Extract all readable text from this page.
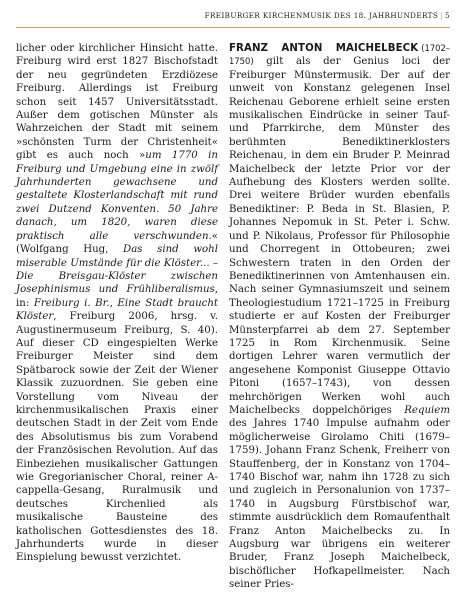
FREIBURGER KIRCHENMUSIK DES 18. JAHRHUNDERTS | 5

licher oder kirchlicher Hinsicht hatte. Freiburg wird erst 1827 Bischofstadt der neu gegründeten Erzdiözese Freiburg. Allerdings ist Freiburg schon seit 1457 Universitätsstadt. Außer dem gotischen Münster als Wahrzeichen der Stadt mit seinem »schönsten Turm der Christenheit« gibt es auch noch »um 1770 in Freiburg und Umgebung eine in zwölf Jahrhunderten gewachsene und gestaltete Klosterlandschaft mit rund zwei Dutzend Konventen. 50 Jahre danach, um 1820, waren diese praktisch alle verschwunden.« (Wolfgang Hug, Das sind wohl miserable Umstände für die Klöster... – Die Breisgau-Klöster zwischen Josephinismus und Frühliberalismus, in: Freiburg i. Br., Eine Stadt braucht Klöster, Freiburg 2006, hrsg. v. Augustinermuseum Freiburg, S. 40). Auf dieser CD eingespielten Werke Freiburger Meister sind dem Spätbarock sowie der Zeit der Wiener Klassik zuzuordnen. Sie geben eine Vorstellung vom Niveau der kirchenmusikalischen Praxis einer deutschen Stadt in der Zeit vom Ende des Absolutismus bis zum Vorabend der Französischen Revolution. Auf das Einbeziehen musikalischer Gattungen wie Gregorianischer Choral, reiner A-cappella-Gesang, Ruralmusik und deutsches Kirchenlied als musikalische Bausteine des katholischen Gottesdienstes des 18. Jahrhunderts wurde in dieser Einspielung bewusst verzichtet.

FRANZ ANTON MAICHELBECK (1702–1750) gilt als der Genius loci der Freiburger Münstermusik. Der auf der unweit von Konstanz gelegenen Insel Reichenau Geborene erhielt seine ersten musikalischen Eindrücke in seiner Tauf- und Pfarrkirche, dem Münster des berühmten Benediktinerklosters Reichenau, in dem ein Bruder P. Meinrad Maichelbeck der letzte Prior vor der Aufhebung des Klosters werden sollte. Drei weitere Brüder wurden ebenfalls Benediktiner: P. Beda in St. Blasien, P. Johannes Nepomuk in St. Peter i. Schw. und P. Nikolaus, Professor für Philosophie und Chorregent in Ottobeuren; zwei Schwestern traten in den Orden der Benediktinerinnen von Amtenhausen ein. Nach seiner Gymnasiumszeit und seinem Theologiestudium 1721–1725 in Freiburg studierte er auf Kosten der Freiburger Münsterpfarrei ab dem 27. September 1725 in Rom Kirchenmusik. Seine dortigen Lehrer waren vermutlich der angesehene Komponist Giuseppe Ottavio Pitoni (1657–1743), von dessen mehrchörigen Werken wohl auch Maichelbecks doppelchöriges Requiem des Jahres 1740 Impulse aufnahm oder möglicherweise Girolamo Chiti (1679–1759). Johann Franz Schenk, Freiherr von Stauffenberg, der in Konstanz von 1704–1740 Bischof war, nahm ihn 1728 zu sich und zugleich in Personalunion von 1737–1740 in Augsburg Fürstbischof war, stimmte ausdrücklich dem Romaufenthalt Franz Anton Maichelbecks zu. In Augsburg war übrigens ein weiterer Bruder, Franz Joseph Maichelbeck, bischöflicher Hofkapellmeister. Nach seiner Pries-
